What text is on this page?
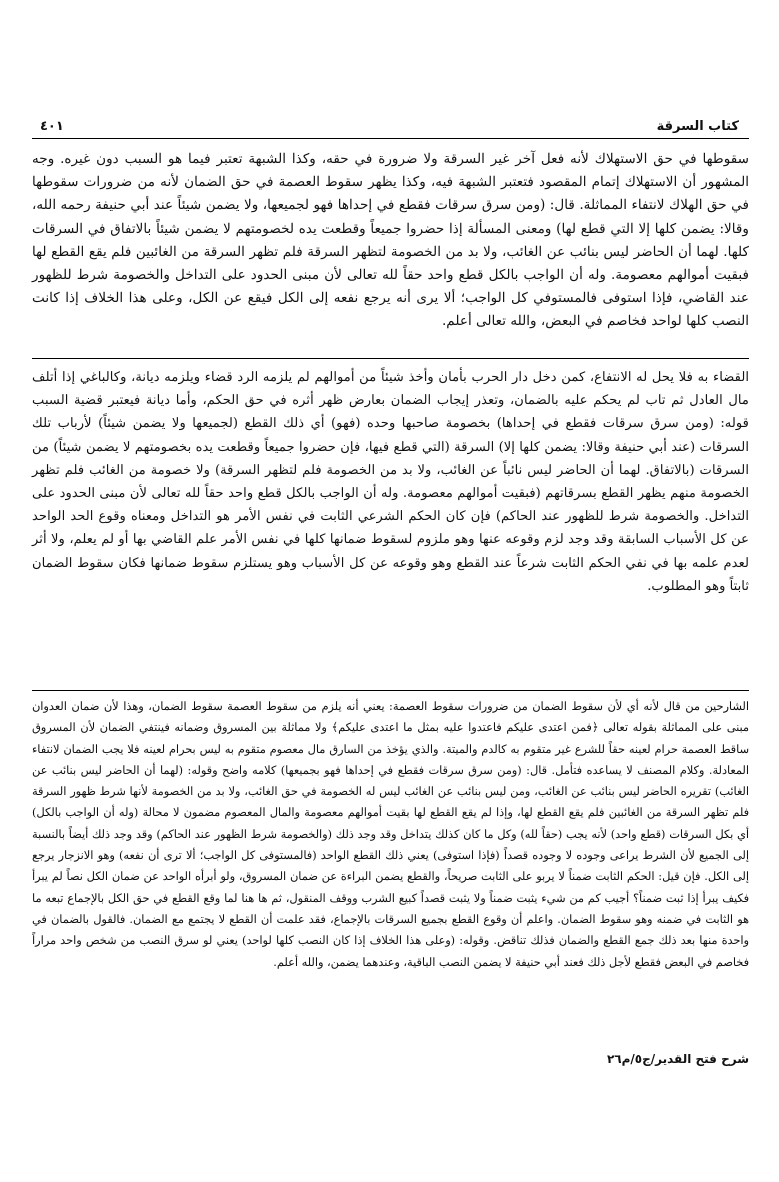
كتاب السرقة
٤٠١

سقوطها في حق الاستهلاك لأنه فعل آخر غير السرقة ولا ضرورة في حقه، وكذا الشبهة تعتبر فيما هو السبب دون غيره. وجه المشهور أن الاستهلاك إتمام المقصود فتعتبر الشبهة فيه، وكذا يظهر سقوط العصمة في حق الضمان لأنه من ضرورات سقوطها في حق الهلاك لانتفاء المماثلة. قال: (ومن سرق سرقات فقطع في إحداها فهو لجميعها، ولا يضمن شيئاً عند أبي حنيفة رحمه الله، وقالا: يضمن كلها إلا التي قطع لها) ومعنى المسألة إذا حضروا جميعاً وقطعت يده لخصومتهم لا يضمن شيئاً بالاتفاق في السرقات كلها. لهما أن الحاضر ليس بنائب عن الغائب، ولا بد من الخصومة لتظهر السرقة فلم تظهر السرقة من الغائبين فلم يقع القطع لها فبقيت أموالهم معصومة. وله أن الواجب بالكل قطع واحد حقاً لله تعالى لأن مبنى الحدود على التداخل والخصومة شرط للظهور عند القاضي، فإذا استوفى فالمستوفي كل الواجب؛ ألا يرى أنه يرجع نفعه إلى الكل فيقع عن الكل، وعلى هذا الخلاف إذا كانت النصب كلها لواحد فخاصم في البعض، والله تعالى أعلم.

القضاء به فلا يحل له الانتفاع، كمن دخل دار الحرب بأمان وأخذ شيئاً من أموالهم لم يلزمه الرد قضاء ويلزمه ديانة، وكالباغي إذا أتلف مال العادل ثم تاب لم يحكم عليه بالضمان، وتعذر إيجاب الضمان بعارض ظهر أثره في حق الحكم، وأما ديانة فيعتبر قضية السبب قوله: (ومن سرق سرقات فقطع في إحداها) بخصومة صاحبها وحده (فهو) أي ذلك القطع (لجميعها ولا يضمن شيئاً) لأرباب تلك السرقات (عند أبي حنيفة وقالا: يضمن كلها إلا) السرقة (التي قطع فيها، فإن حضروا جميعاً وقطعت يده بخصومتهم لا يضمن شيئاً) من السرقات (بالاتفاق. لهما أن الحاضر ليس نائباً عن الغائب، ولا بد من الخصومة فلم لتظهر السرقة) ولا خصومة من الغائب فلم تظهر الخصومة منهم يظهر القطع بسرقاتهم (فبقيت أموالهم معصومة. وله أن الواجب بالكل قطع واحد حقاً لله تعالى لأن مبنى الحدود على التداخل. والخصومة شرط للظهور عند الحاكم) فإن كان الحكم الشرعي الثابت في نفس الأمر هو التداخل ومعناه وقوع الحد الواحد عن كل الأسباب السابقة وقد وجد لزم وقوعه عنها وهو ملزوم لسقوط ضمانها كلها في نفس الأمر علم القاضي بها أو لم يعلم، ولا أثر لعدم علمه بها في نفي الحكم الثابت شرعاً عند القطع وهو وقوعه عن كل الأسباب وهو يستلزم سقوط ضمانها فكان سقوط الضمان ثابتاً وهو المطلوب.

الشارحين من قال لأنه أي لأن سقوط الضمان من ضرورات سقوط العصمة: يعني أنه يلزم من سقوط العصمة سقوط الضمان، وهذا لأن ضمان العدوان مبنى على المماثلة بقوله تعالى ﴿فمن اعتدى عليكم فاعتدوا عليه بمثل ما اعتدى عليكم﴾ ولا مماثلة بين المسروق وضمانه فينتفي الضمان لأن المسروق ساقط العصمة حرام لعينه حقاً للشرع غير متقوم به كالدم والميتة. والذي يؤخذ من السارق مال معصوم متقوم به ليس بحرام لعينه فلا يجب الضمان لانتفاء المعادلة. وكلام المصنف لا يساعده فتأمل. قال: (ومن سرق سرقات فقطع في إحداها فهو بجميعها) كلامه واضح وقوله: (لهما أن الحاضر ليس بنائب عن الغائب) تقريره الحاضر ليس بنائب عن الغائب، ومن ليس بنائب عن الغائب ليس له الخصومة في حق الغائب، ولا بد من الخصومة لأنها شرط ظهور السرقة فلم تظهر السرقة من الغائبين فلم يقع القطع لها، وإذا لم يقع القطع لها بقيت أموالهم معصومة والمال المعصوم مضمون لا محالة (وله أن الواجب بالكل) أي بكل السرقات (قطع واحد) لأنه يجب (حقاً لله) وكل ما كان كذلك يتداخل وقد وجد ذلك (والخصومة شرط الظهور عند الحاكم) وقد وجد ذلك أيضاً بالنسبة إلى الجميع لأن الشرط يراعى وجوده لا وجوده قصداً (فإذا استوفى) يعني ذلك القطع الواحد (فالمستوفى كل الواجب؛ ألا ترى أن نفعه) وهو الانزجار يرجع إلى الكل. فإن قيل: الحكم الثابت ضمناً لا يربو على الثابت صريحاً، والقطع يضمن البراءة عن ضمان المسروق، ولو أبرأه الواحد عن ضمان الكل نصاً لم يبرأ فكيف يبرأ إذا ثبت ضمناً؟ أجيب كم من شيء يثبت ضمناً ولا يثبت قصداً كبيع الشرب ووقف المنقول، ثم ها هنا لما وقع القطع في حق الكل بالإجماع تبعه ما هو الثابت في ضمنه وهو سقوط الضمان. واعلم أن وقوع القطع بجميع السرقات بالإجماع، فقد علمت أن القطع لا يجتمع مع الضمان. فالقول بالضمان في واحدة منها بعد ذلك جمع القطع والضمان فذلك تناقض. وقوله: (وعلى هذا الخلاف إذا كان النصب كلها لواحد) يعني لو سرق النصب من شخص واحد مراراً فخاصم في البعض فقطع لأجل ذلك فعند أبي حنيفة لا يضمن النصب الباقية، وعندهما يضمن، والله أعلم.

شرح فتح القدير/ج٥/م٢٦
